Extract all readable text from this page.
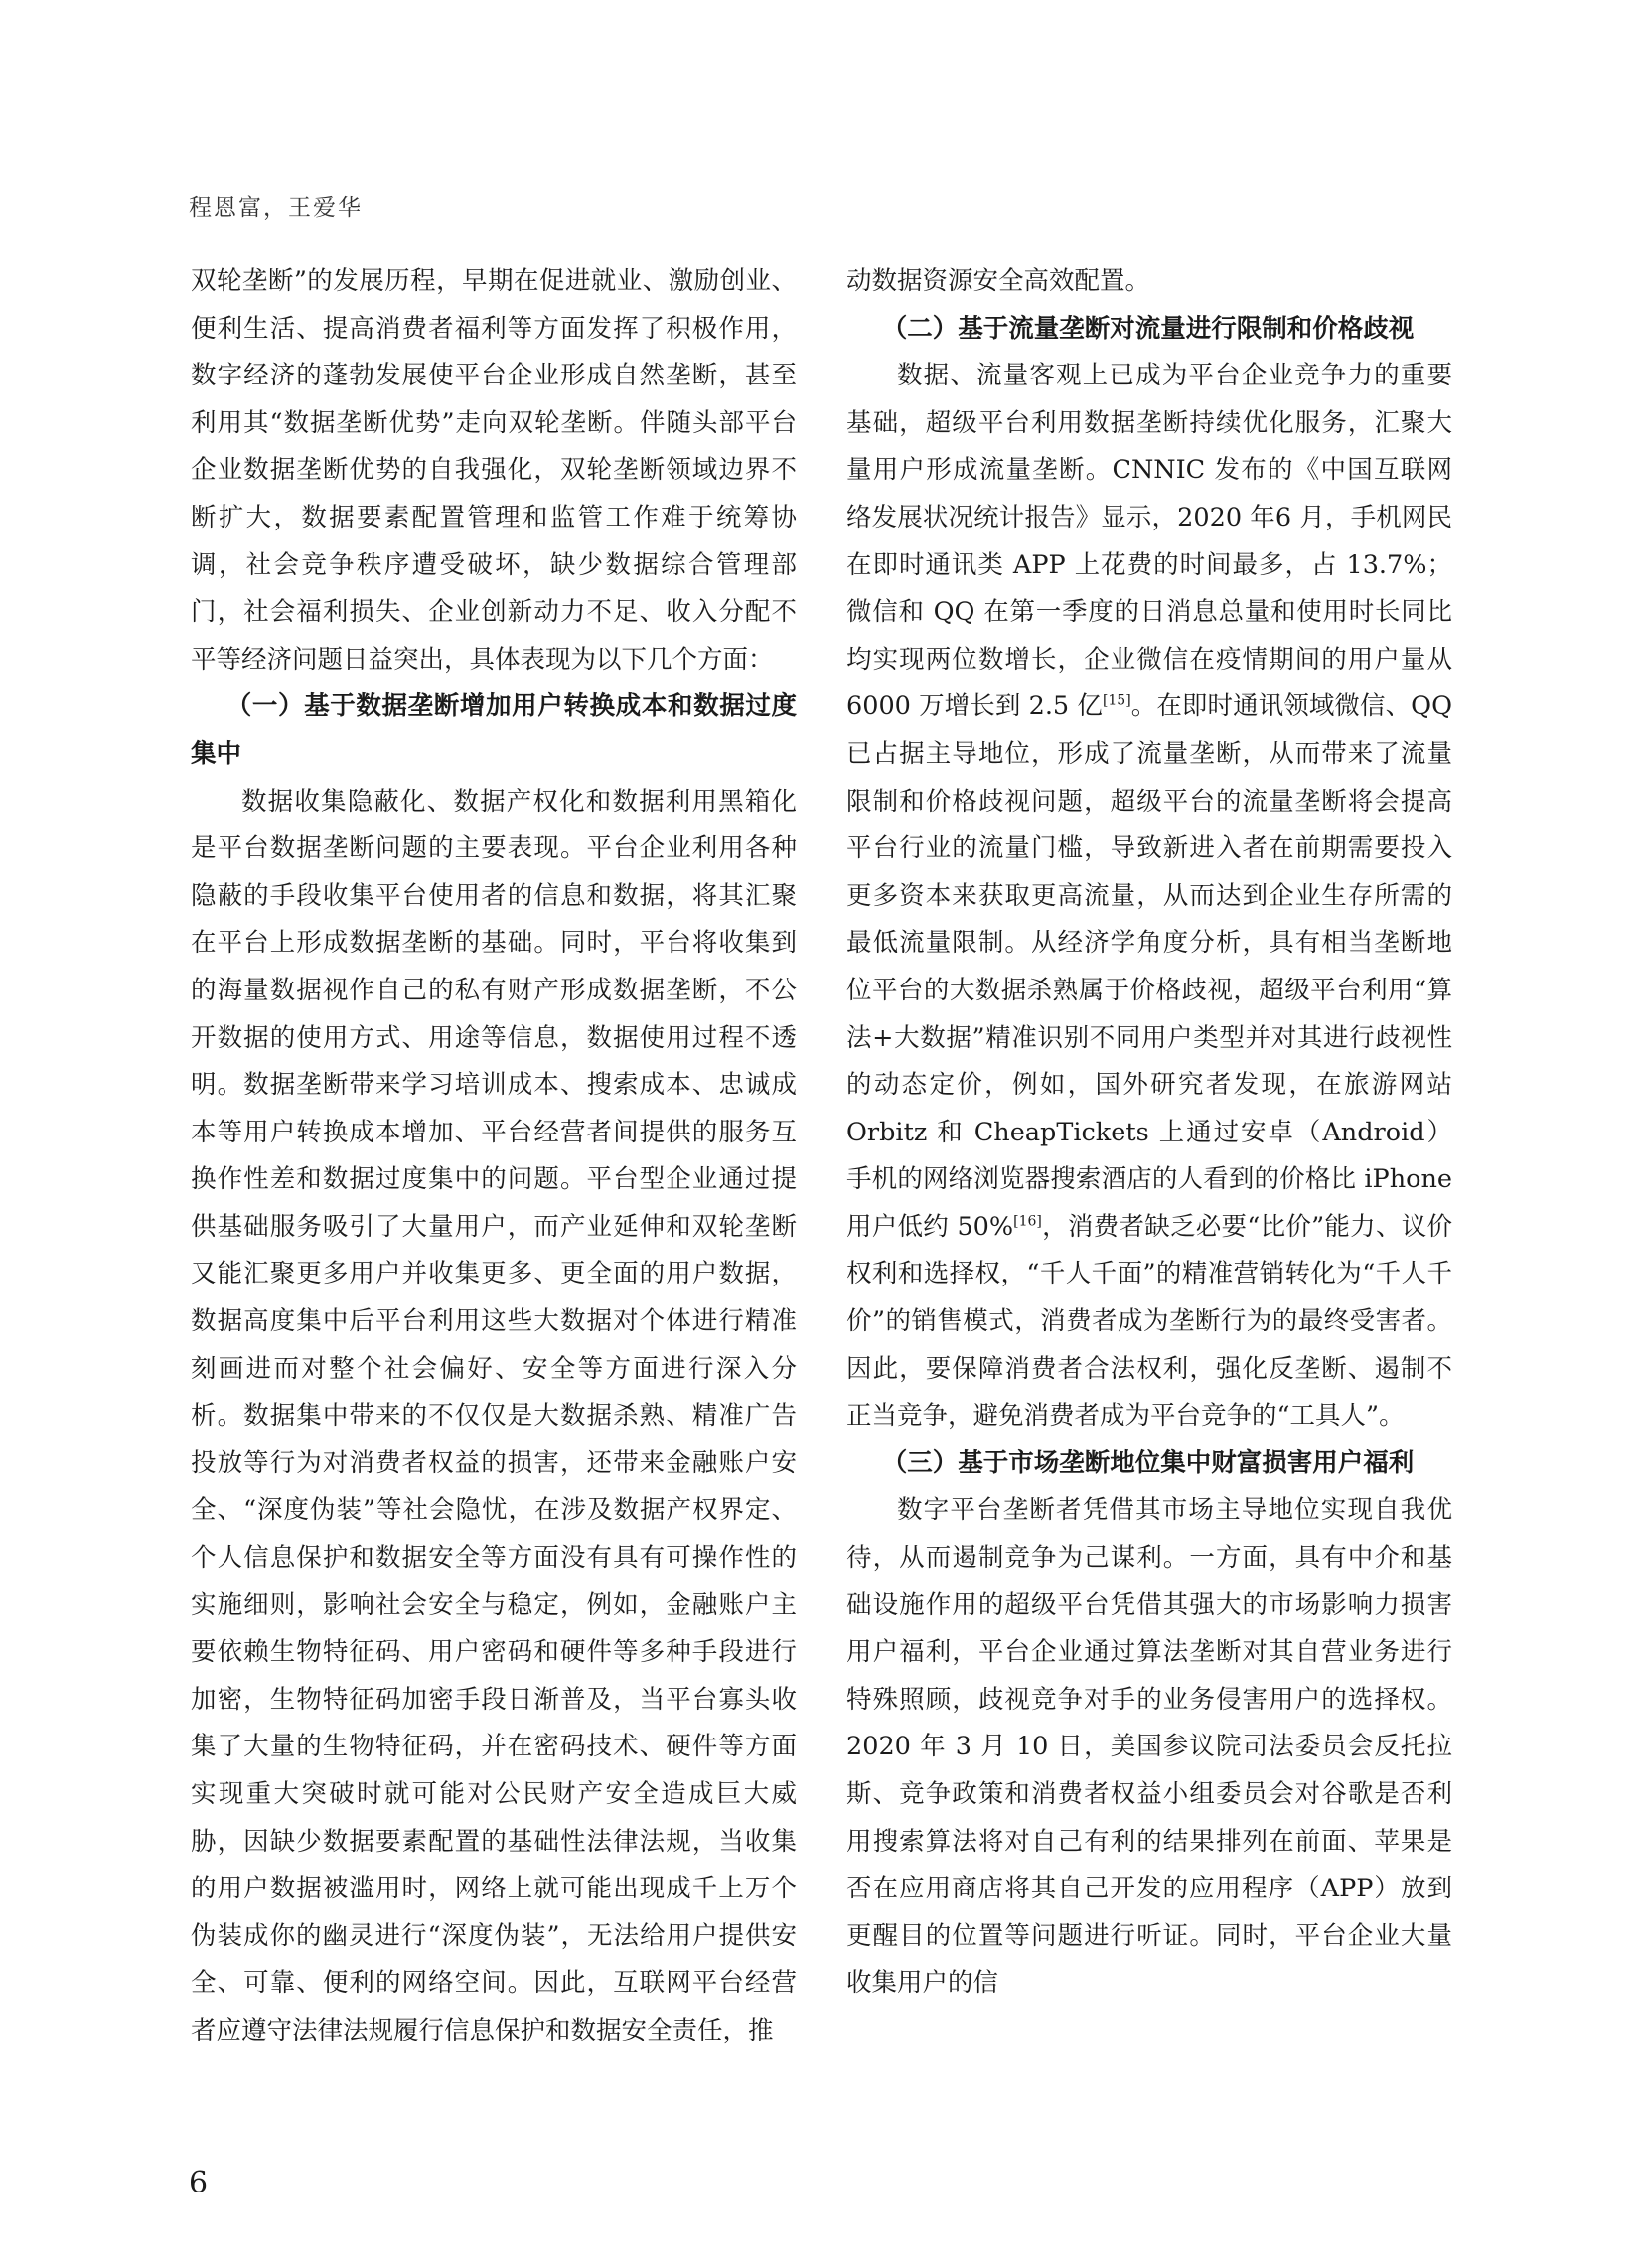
程恩富，王爱华

双轮垄断”的发展历程，早期在促进就业、激励创业、便利生活、提高消费者福利等方面发挥了积极作用，数字经济的蓬勃发展使平台企业形成自然垄断，甚至利用其“数据垄断优势”走向双轮垄断。伴随头部平台企业数据垄断优势的自我强化，双轮垄断领域边界不断扩大，数据要素配置管理和监管工作难于统筹协调，社会竞争秩序遭受破坏，缺少数据综合管理部门，社会福利损失、企业创新动力不足、收入分配不平等经济问题日益突出，具体表现为以下几个方面：

（一）基于数据垄断增加用户转换成本和数据过度集中

数据收集隐蔽化、数据产权化和数据利用黑箱化是平台数据垄断问题的主要表现。平台企业利用各种隐蔽的手段收集平台使用者的信息和数据，将其汇聚在平台上形成数据垄断的基础。同时，平台将收集到的海量数据视作自己的私有财产形成数据垄断，不公开数据的使用方式、用途等信息，数据使用过程不透明。数据垄断带来学习培训成本、搜索成本、忠诚成本等用户转换成本增加、平台经营者间提供的服务互换作性差和数据过度集中的问题。平台型企业通过提供基础服务吸引了大量用户，而产业延伸和双轮垄断又能汇聚更多用户并收集更多、更全面的用户数据，数据高度集中后平台利用这些大数据对个体进行精准刻画进而对整个社会偏好、安全等方面进行深入分析。数据集中带来的不仅仅是大数据杀熟、精准广告投放等行为对消费者权益的损害，还带来金融账户安全、“深度伪装”等社会隐忧，在涉及数据产权界定、个人信息保护和数据安全等方面没有具有可操作性的实施细则，影响社会安全与稳定，例如，金融账户主要依赖生物特征码、用户密码和硬件等多种手段进行加密，生物特征码加密手段日渐普及，当平台寡头收集了大量的生物特征码，并在密码技术、硬件等方面实现重大突破时就可能对公民财产安全造成巨大威胁，因缺少数据要素配置的基础性法律法规，当收集的用户数据被滥用时，网络上就可能出现成千上万个伪装成你的幽灵进行“深度伪装”，无法给用户提供安全、可靠、便利的网络空间。因此，互联网平台经营者应遵守法律法规履行信息保护和数据安全责任，推

动数据资源安全高效配置。

（二）基于流量垄断对流量进行限制和价格歧视

数据、流量客观上已成为平台企业竞争力的重要基础，超级平台利用数据垄断持续优化服务，汇聚大量用户形成流量垄断。CNNIC 发布的《中国互联网络发展状况统计报告》显示，2020 年6 月，手机网民在即时通讯类 APP 上花费的时间最多，占 13.7%；微信和 QQ 在第一季度的日消息总量和使用时长同比均实现两位数增长，企业微信在疫情期间的用户量从 6000 万增长到 2.5 亿[15]。在即时通讯领域微信、QQ 已占据主导地位，形成了流量垄断，从而带来了流量限制和价格歧视问题，超级平台的流量垄断将会提高平台行业的流量门槛，导致新进入者在前期需要投入更多资本来获取更高流量，从而达到企业生存所需的最低流量限制。从经济学角度分析，具有相当垄断地位平台的大数据杀熟属于价格歧视，超级平台利用“算法+大数据”精准识别不同用户类型并对其进行歧视性的动态定价，例如，国外研究者发现，在旅游网站 Orbitz 和 CheapTickets 上通过安卓（Android）手机的网络浏览器搜索酒店的人看到的价格比 iPhone 用户低约 50%[16]，消费者缺乏必要“比价”能力、议价权利和选择权，“千人千面”的精准营销转化为“千人千价”的销售模式，消费者成为垄断行为的最终受害者。因此，要保障消费者合法权利，强化反垄断、遏制不正当竞争，避免消费者成为平台竞争的“工具人”。

（三）基于市场垄断地位集中财富损害用户福利

数字平台垄断者凭借其市场主导地位实现自我优待，从而遏制竞争为己谋利。一方面，具有中介和基础设施作用的超级平台凭借其强大的市场影响力损害用户福利，平台企业通过算法垄断对其自营业务进行特殊照顾，歧视竞争对手的业务侵害用户的选择权。2020 年 3 月 10 日，美国参议院司法委员会反托拉斯、竞争政策和消费者权益小组委员会对谷歌是否利用搜索算法将对自己有利的结果排列在前面、苹果是否在应用商店将其自己开发的应用程序（APP）放到更醒目的位置等问题进行听证。同时，平台企业大量收集用户的信

6
